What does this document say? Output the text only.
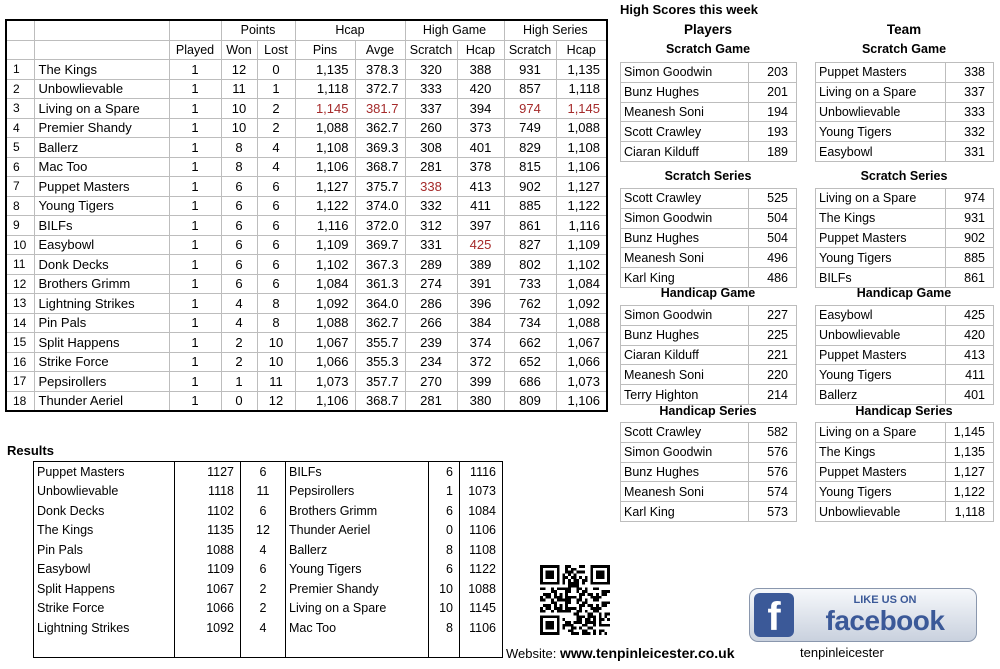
			Points		Hcap		High Game		High Series	
		Played	Won	Lost	Pins	Avge	Scratch	Hcap	Scratch	Hcap
1	The Kings	1	12	0	1,135	378.3	320	388	931	1,135
2	Unbowlievable	1	11	1	1,118	372.7	333	420	857	1,118
3	Living on a Spare	1	10	2	1,145	381.7	337	394	974	1,145
4	Premier Shandy	1	10	2	1,088	362.7	260	373	749	1,088
5	Ballerz	1	8	4	1,108	369.3	308	401	829	1,108
6	Mac Too	1	8	4	1,106	368.7	281	378	815	1,106
7	Puppet Masters	1	6	6	1,127	375.7	338	413	902	1,127
8	Young Tigers	1	6	6	1,122	374.0	332	411	885	1,122
9	BILFs	1	6	6	1,116	372.0	312	397	861	1,116
10	Easybowl	1	6	6	1,109	369.7	331	425	827	1,109
11	Donk Decks	1	6	6	1,102	367.3	289	389	802	1,102
12	Brothers Grimm	1	6	6	1,084	361.3	274	391	733	1,084
13	Lightning Strikes	1	4	8	1,092	364.0	286	396	762	1,092
14	Pin Pals	1	4	8	1,088	362.7	266	384	734	1,088
15	Split Happens	1	2	10	1,067	355.7	239	374	662	1,067
16	Strike Force	1	2	10	1,066	355.3	234	372	652	1,066
17	Pepsirollers	1	1	11	1,073	357.7	270	399	686	1,073
18	Thunder Aeriel	1	0	12	1,106	368.7	281	380	809	1,106
Results
Puppet Masters	1127	6	BILFs	6	1116
Unbowlievable	1118	11	Pepsirollers	1	1073
Donk Decks	1102	6	Brothers Grimm	6	1084
The Kings	1135	12	Thunder Aeriel	0	1106
Pin Pals	1088	4	Ballerz	8	1108
Easybowl	1109	6	Young Tigers	6	1122
Split Happens	1067	2	Premier Shandy	10	1088
Strike Force	1066	2	Living on a Spare	10	1145
Lightning Strikes	1092	4	Mac Too	8	1106

High Scores this week
Players	Team
Scratch Game
Simon Goodwin	203
Bunz Hughes	201
Meanesh Soni	194
Scott Crawley	193
Ciaran Kilduff	189
Scratch Game
Puppet Masters	338
Living on a Spare	337
Unbowlievable	333
Young Tigers	332
Easybowl	331
Scratch Series
Scott Crawley	525
Simon Goodwin	504
Bunz Hughes	504
Meanesh Soni	496
Karl King	486
Scratch Series
Living on a Spare	974
The Kings	931
Puppet Masters	902
Young Tigers	885
BILFs	861
Handicap Game
Simon Goodwin	227
Bunz Hughes	225
Ciaran Kilduff	221
Meanesh Soni	220
Terry Highton	214
Handicap Game
Easybowl	425
Unbowlievable	420
Puppet Masters	413
Young Tigers	411
Ballerz	401
Handicap Series
Scott Crawley	582
Simon Goodwin	576
Bunz Hughes	576
Meanesh Soni	574
Karl King	573
Handicap Series
Living on a Spare	1,145
The Kings	1,135
Puppet Masters	1,127
Young Tigers	1,122
Unbowlievable	1,118
Website: www.tenpinleicester.co.uk
f	LIKE US ON
facebook
tenpinleicester
